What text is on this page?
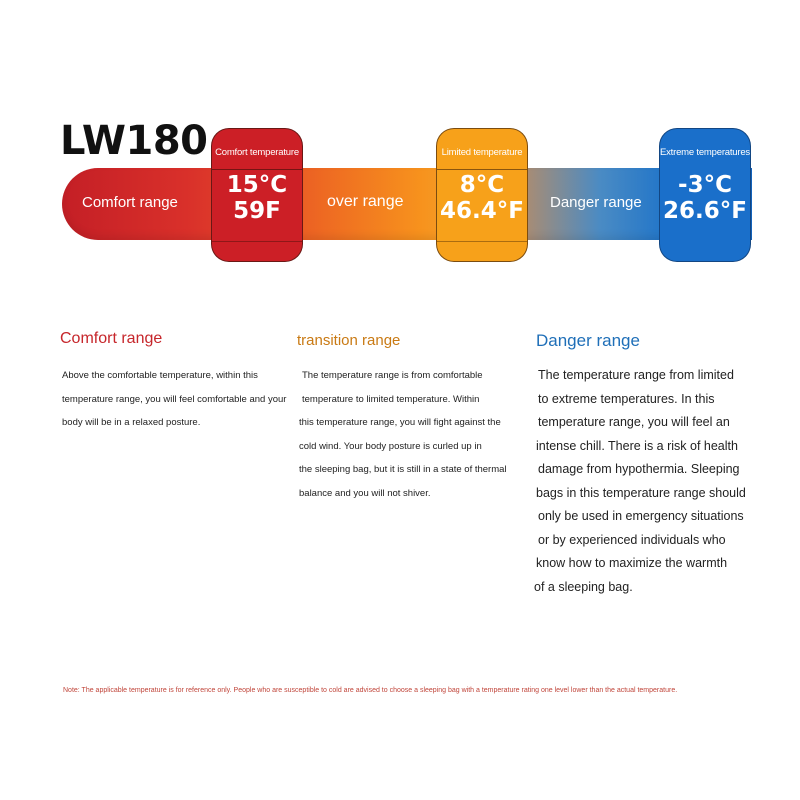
LW180
Comfort range	over range	Danger range
Comfort temperature
15°C
59F
Limited temperature
8°C
46.4°F
Extreme temperatures
-3°C
26.6°F
Comfort range
Above the comfortable temperature, within this
temperature range, you will feel comfortable and your
body will be in a relaxed posture.
transition range
The temperature range is from comfortable
temperature to limited temperature. Within
this temperature range, you will fight against the
cold wind. Your body posture is curled up in
the sleeping bag, but it is still in a state of thermal
balance and you will not shiver.
Danger range
The temperature range from limited
to extreme temperatures. In this
temperature range, you will feel an
intense chill. There is a risk of health
damage from hypothermia. Sleeping
bags in this temperature range should
only be used in emergency situations
or by experienced individuals who
know how to maximize the warmth
of a sleeping bag.
Note: The applicable temperature is for reference only. People who are susceptible to cold are advised to choose a sleeping bag with a temperature rating one level lower than the actual temperature.
